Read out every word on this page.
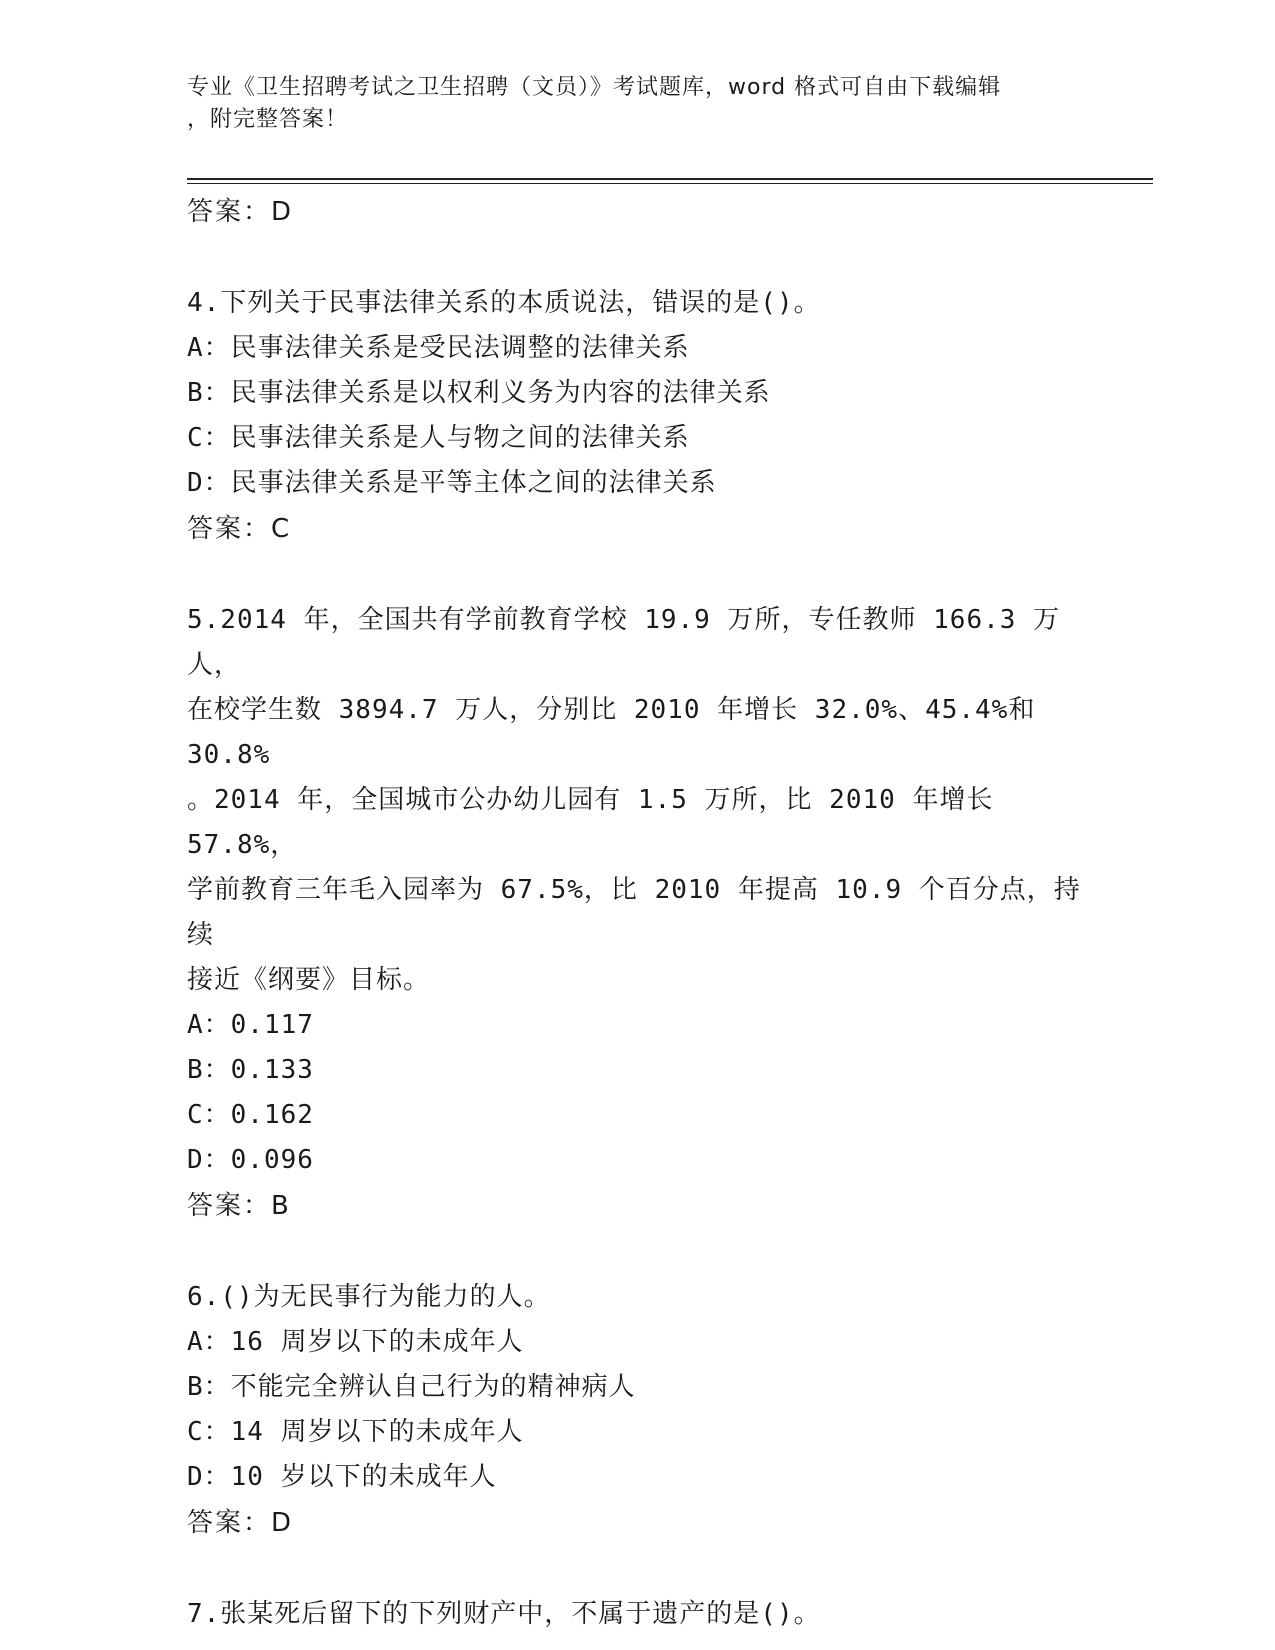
专业《卫生招聘考试之卫生招聘（文员）》考试题库，word 格式可自由下载编辑
，附完整答案！
答案：D
4.下列关于民事法律关系的本质说法，错误的是()。
A：民事法律关系是受民法调整的法律关系
B：民事法律关系是以权利义务为内容的法律关系
C：民事法律关系是人与物之间的法律关系
D：民事法律关系是平等主体之间的法律关系
答案：C
5.2014 年，全国共有学前教育学校 19.9 万所，专任教师 166.3 万人，
在校学生数 3894.7 万人，分别比 2010 年增长 32.0%、45.4%和 30.8%
。2014 年，全国城市公办幼儿园有 1.5 万所，比 2010 年增长 57.8%，
学前教育三年毛入园率为 67.5%，比 2010 年提高 10.9 个百分点，持续
接近《纲要》目标。
A：0.117
B：0.133
C：0.162
D：0.096
答案：B
6.()为无民事行为能力的人。
A：16 周岁以下的未成年人
B：不能完全辨认自己行为的精神病人
C：14 周岁以下的未成年人
D：10 岁以下的未成年人
答案：D
7.张某死后留下的下列财产中，不属于遗产的是()。
